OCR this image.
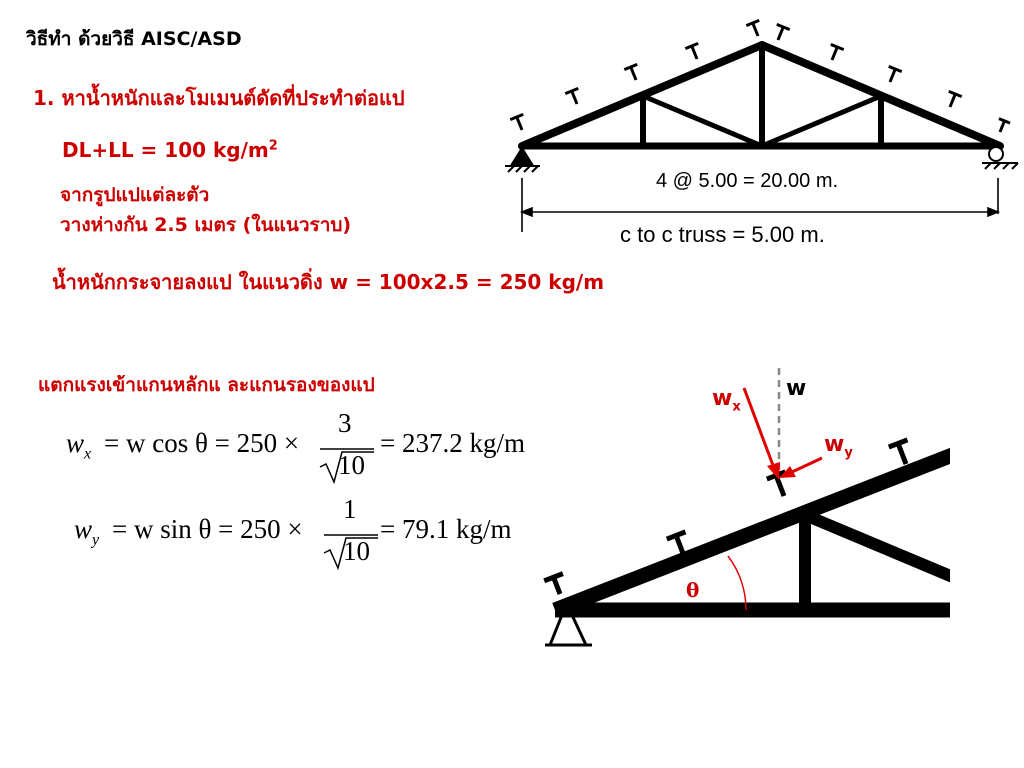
วิธีทำ ด้วยวิธี AISC/ASD
1. หาน้ำหนักและโมเมนต์ดัดที่ประทำต่อแป
DL+LL = 100 $kg/m^2$
จากรูปแปแต่ละตัว
วางห่างกัน 2.5 เมตร (ในแนวราบ)
น้ำหนักกระจายลงแป ในแนวดิ่ง w = 100x2.5 = 250 kg/m
แตกแรงเข้าแกนหลักแ ละแกนรองของแป
$w_x = w$ cos θ = 250 ×
3
10
= 237.2 kg/m
$w_y = w$ sin θ = 250 ×
1
10
= 79.1 kg/m
4 @ 5.00 = 20.00 m.
c to c truss = 5.00 m.
w
$w_x$
$w_y$
θ
